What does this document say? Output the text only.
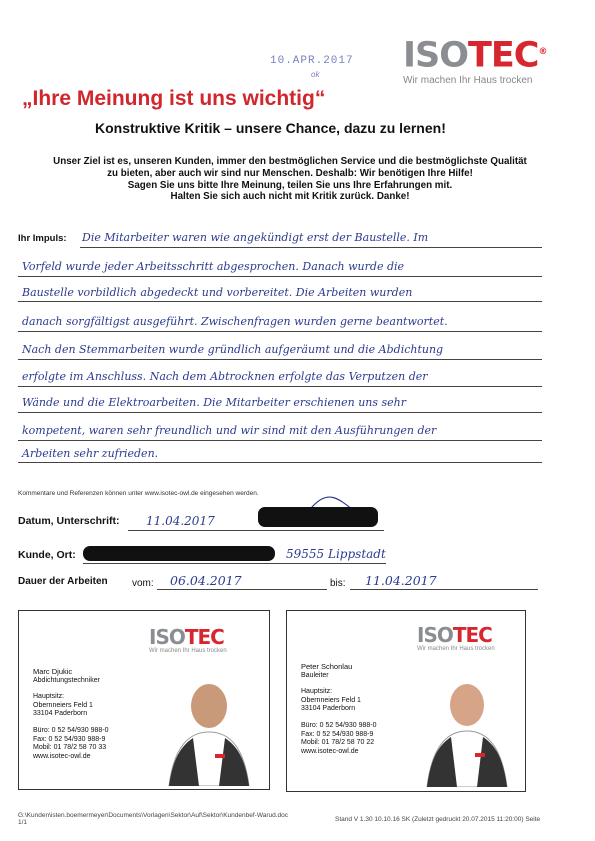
10.APR.2017
ok ISOTEC®
Wir machen Ihr Haus trocken
„Ihre Meinung ist uns wichtig“
Konstruktive Kritik – unsere Chance, dazu zu lernen!
Unser Ziel ist es, unseren Kunden, immer den bestmöglichen Service und die bestmöglichste Qualität
zu bieten, aber auch wir sind nur Menschen. Deshalb: Wir benötigen Ihre Hilfe!
Sagen Sie uns bitte Ihre Meinung, teilen Sie uns Ihre Erfahrungen mit.
Halten Sie sich auch nicht mit Kritik zurück. Danke!
Ihr Impuls: Die Mitarbeiter waren wie angekündigt erst der Baustelle. Im
Vorfeld wurde jeder Arbeitsschritt abgesprochen. Danach wurde die
Baustelle vorbildlich abgedeckt und vorbereitet. Die Arbeiten wurden
danach sorgfältigst ausgeführt. Zwischenfragen wurden gerne beantwortet.
Nach den Stemmarbeiten wurde gründlich aufgeräumt und die Abdichtung
erfolgte im Anschluss. Nach dem Abtrocknen erfolgte das Verputzen der
Wände und die Elektroarbeiten. Die Mitarbeiter erschienen uns sehr
kompetent, waren sehr freundlich und wir sind mit den Ausführungen der
Arbeiten sehr zufrieden.
Kommentare und Referenzen können unter www.isotec-owl.de eingesehen werden.
Datum, Unterschrift: 11.04.2017
Kunde, Ort:	59555 Lippstadt
Dauer der Arbeiten vom: 06.04.2017	bis: 11.04.2017
ISOTEC
Wir machen Ihr Haus trocken
Marc Djukic
Abdichtungstechniker
Hauptsitz:
Obernneiers Feld 1
33104 Paderborn
Büro: 0 52 54/930 988-0
Fax: 0 52 54/930 988-9
Mobil: 01 78/2 58 70 33
www.isotec-owl.de
ISOTEC
Wir machen Ihr Haus trocken
Peter Schonlau
Bauleiter
Hauptsitz:
Obernneiers Feld 1
33104 Paderborn
Büro: 0 52 54/930 988-0
Fax: 0 52 54/930 988-9
Mobil: 01 78/2 58 70 22
www.isotec-owl.de
G:\Kunden\isten.boemermeyer\Documents\Vorlagen\Sektor\Auf\Sektor\Kundenbef-Warud.doc
1/1	Stand V 1.30 10.10.16 SK (Zuletzt gedruckt 20.07.2015 11:20:00) Seite
